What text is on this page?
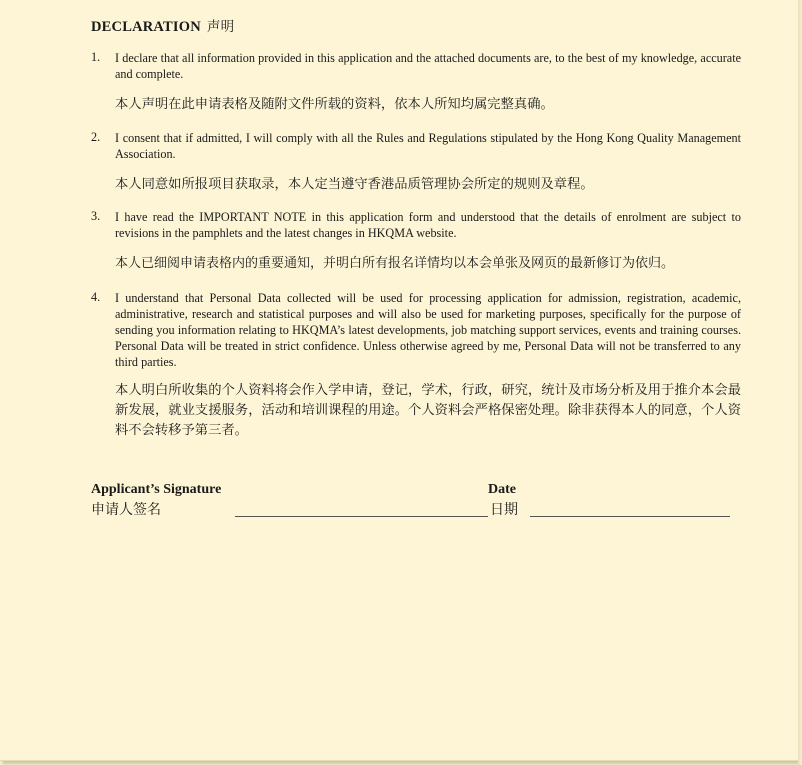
DECLARATION 声明
1. I declare that all information provided in this application and the attached documents are, to the best of my knowledge, accurate and complete.
本人声明在此申请表格及随附文件所载的资料，依本人所知均属完整真确。
2. I consent that if admitted, I will comply with all the Rules and Regulations stipulated by the Hong Kong Quality Management Association.
本人同意如所报项目获取录，本人定当遵守香港品质管理协会所定的规则及章程。
3. I have read the IMPORTANT NOTE in this application form and understood that the details of enrolment are subject to revisions in the pamphlets and the latest changes in HKQMA website.
本人已细阅申请表格内的重要通知，并明白所有报名详情均以本会单张及网页的最新修订为依归。
4. I understand that Personal Data collected will be used for processing application for admission, registration, academic, administrative, research and statistical purposes and will also be used for marketing purposes, specifically for the purpose of sending you information relating to HKQMA’s latest developments, job matching support services, events and training courses. Personal Data will be treated in strict confidence. Unless otherwise agreed by me, Personal Data will not be transferred to any third parties.
本人明白所收集的个人资料将会作入学申请，登记，学术，行政，研究，统计及市场分析及用于推介本会最新发展，就业支援服务，活动和培训课程的用途。个人资料会严格保密处理。除非获得本人的同意，个人资料不会转移予第三者。
Applicant’s Signature
申请人签名
Date
日期
